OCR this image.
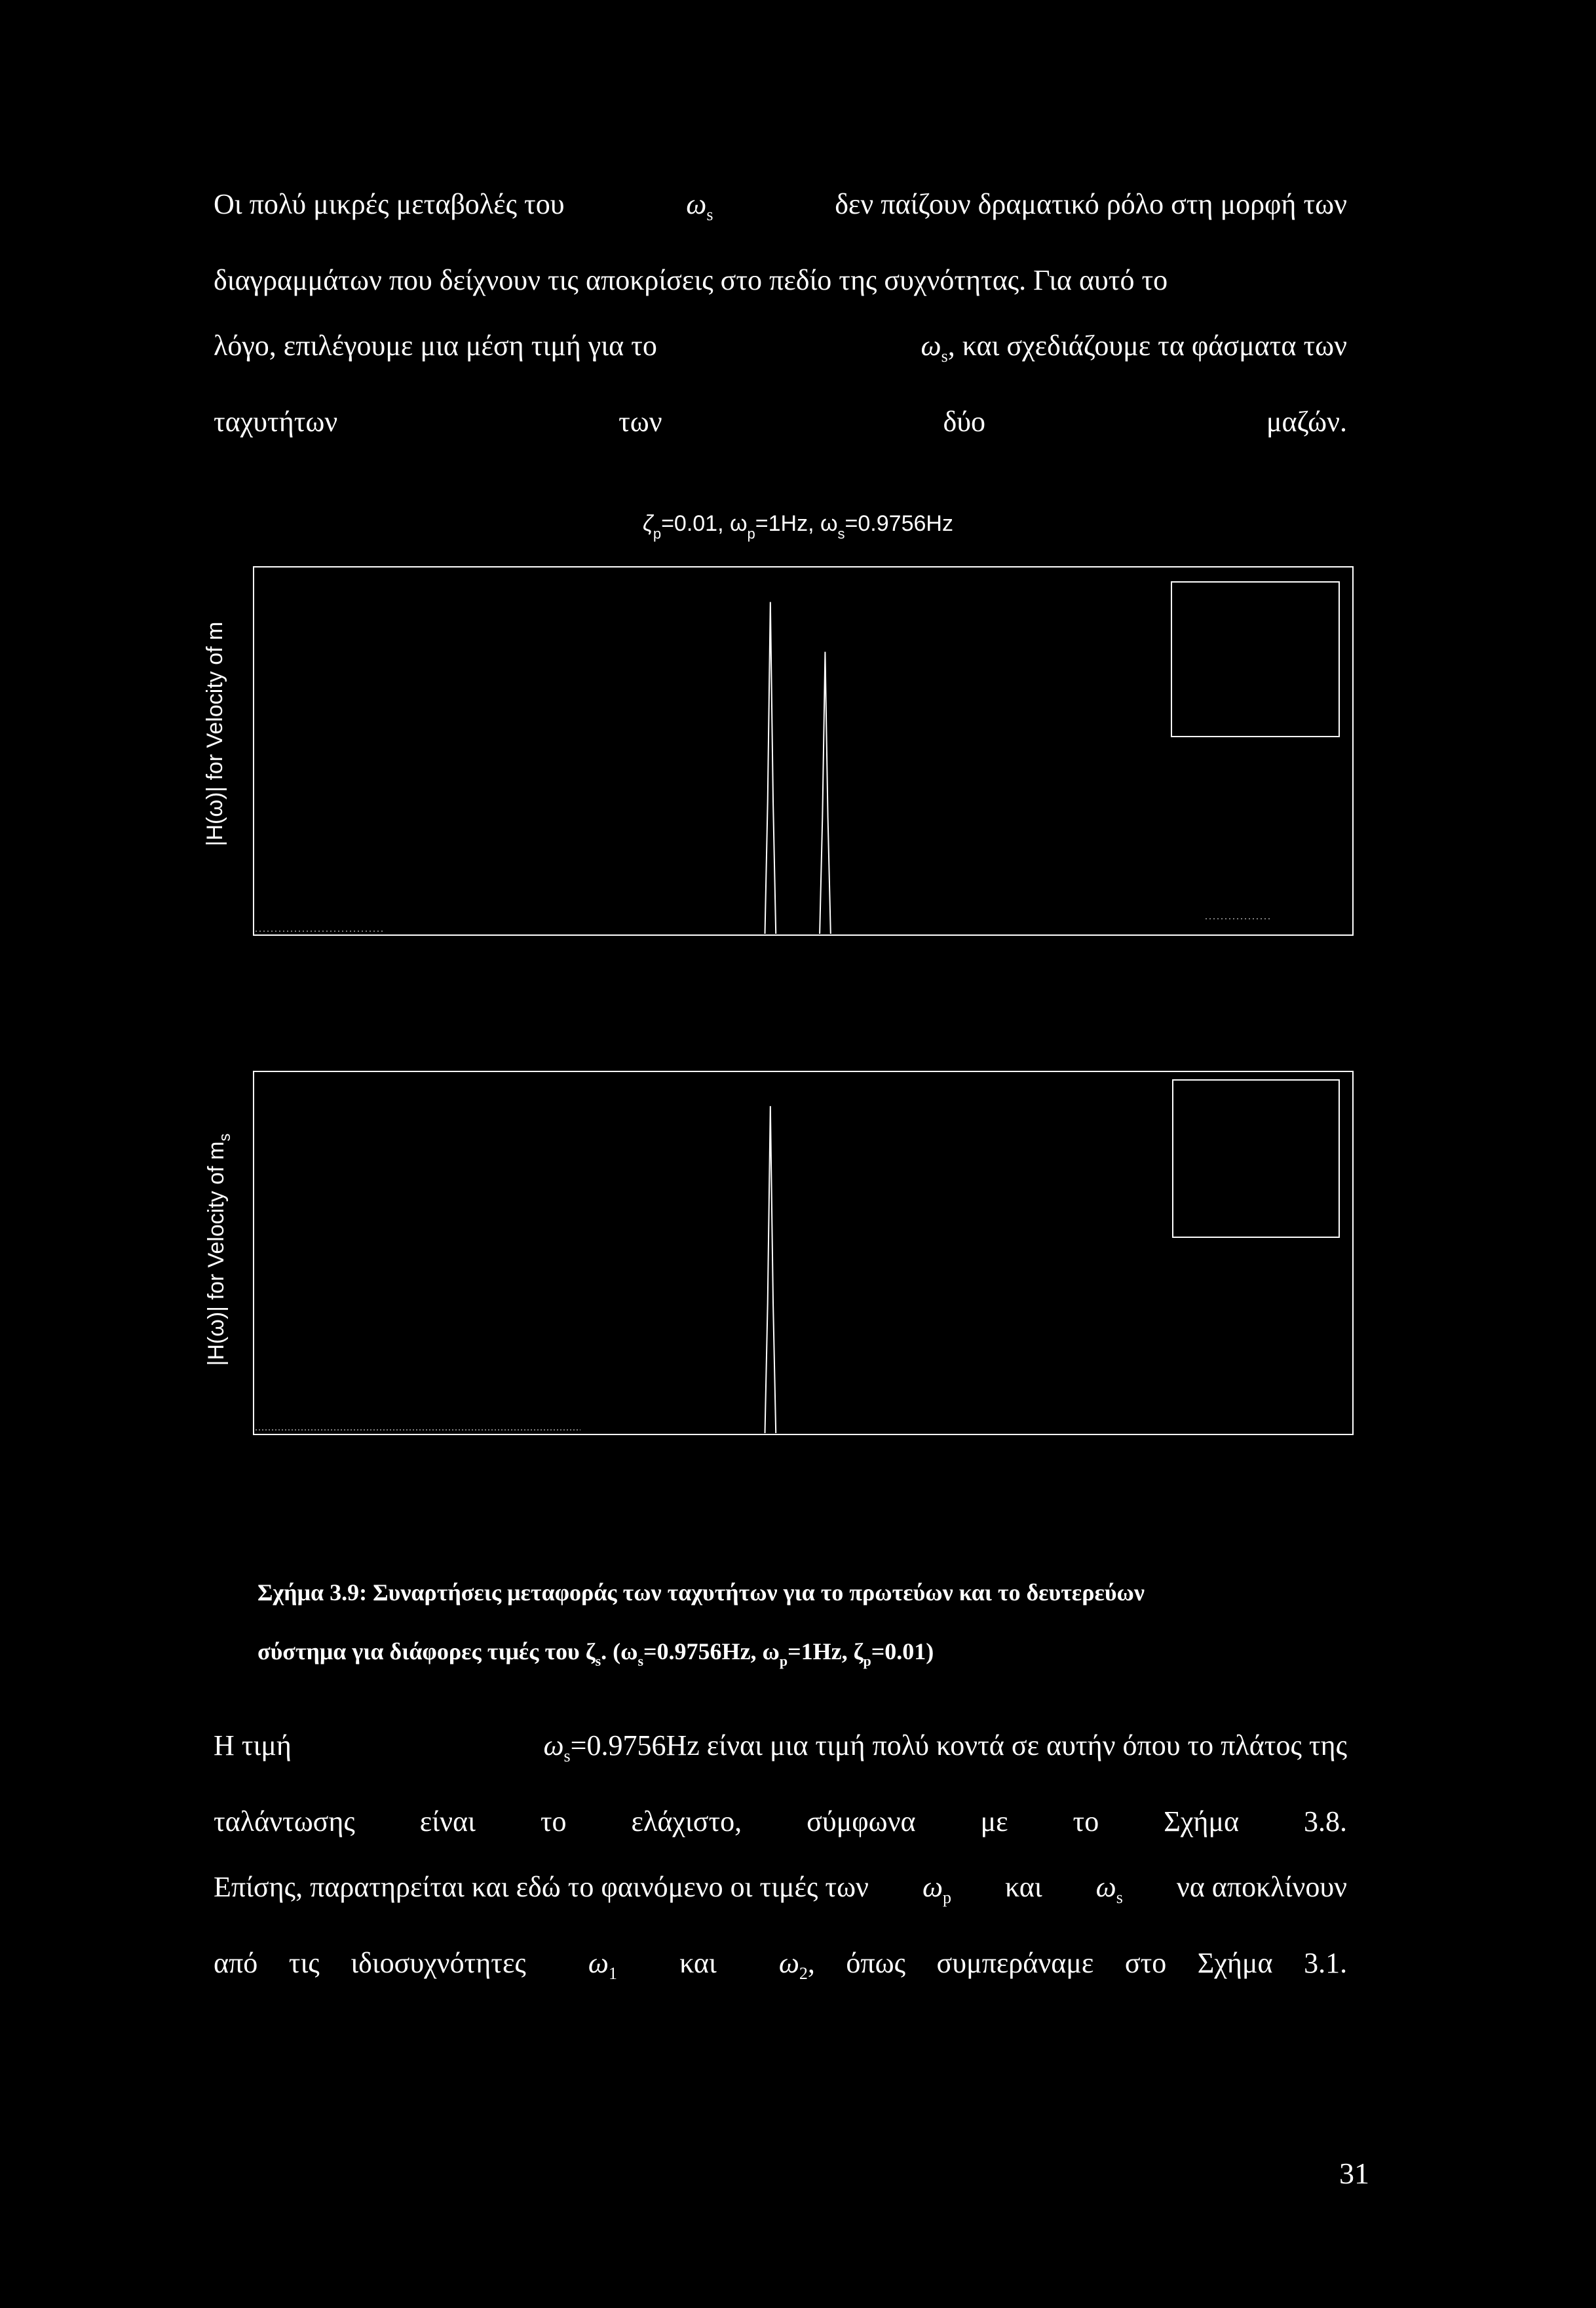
Οι πολύ μικρές μεταβολές του	$\omega_s$	δεν παίζουν δραματικό ρόλο στη μορφή των
διαγραμμάτων που δείχνουν τις αποκρίσεις στο πεδίο της συχνότητας. Για αυτό το
λόγο, επιλέγουμε μια μέση τιμή για το	$\omega_s$, και σχεδιάζουμε τα φάσματα των
ταχυτήτων των δύο μαζών.
$\zeta_p=0.01$, $\omega_p=1Hz$, $\omega_s=0.9756Hz$
|H(ω)| for Velocity of m
|H(ω)| for Velocity of $m_s$
Σχήμα 3.9: Συναρτήσεις μεταφοράς των ταχυτήτων για το πρωτεύων και το δευτερεύων
σύστημα για διάφορες τιμές του $\zeta_s$. ($\omega_s=0.9756Hz$, $\omega_p=1Hz$, $\zeta_p=0.01$)
Η τιμή	$\omega_s=0.9756Hz$ είναι μια τιμή πολύ κοντά σε αυτήν όπου το πλάτος της
ταλάντωσης είναι το ελάχιστο, σύμφωνα με το Σχήμα 3.8.
Επίσης, παρατηρείται και εδώ το φαινόμενο οι τιμές των $\omega_p$ και $\omega_s$ να αποκλίνουν
από τις ιδιοσυχνότητες $\omega_1$ και $\omega_2$, όπως συμπεράναμε στο Σχήμα 3.1.
31
